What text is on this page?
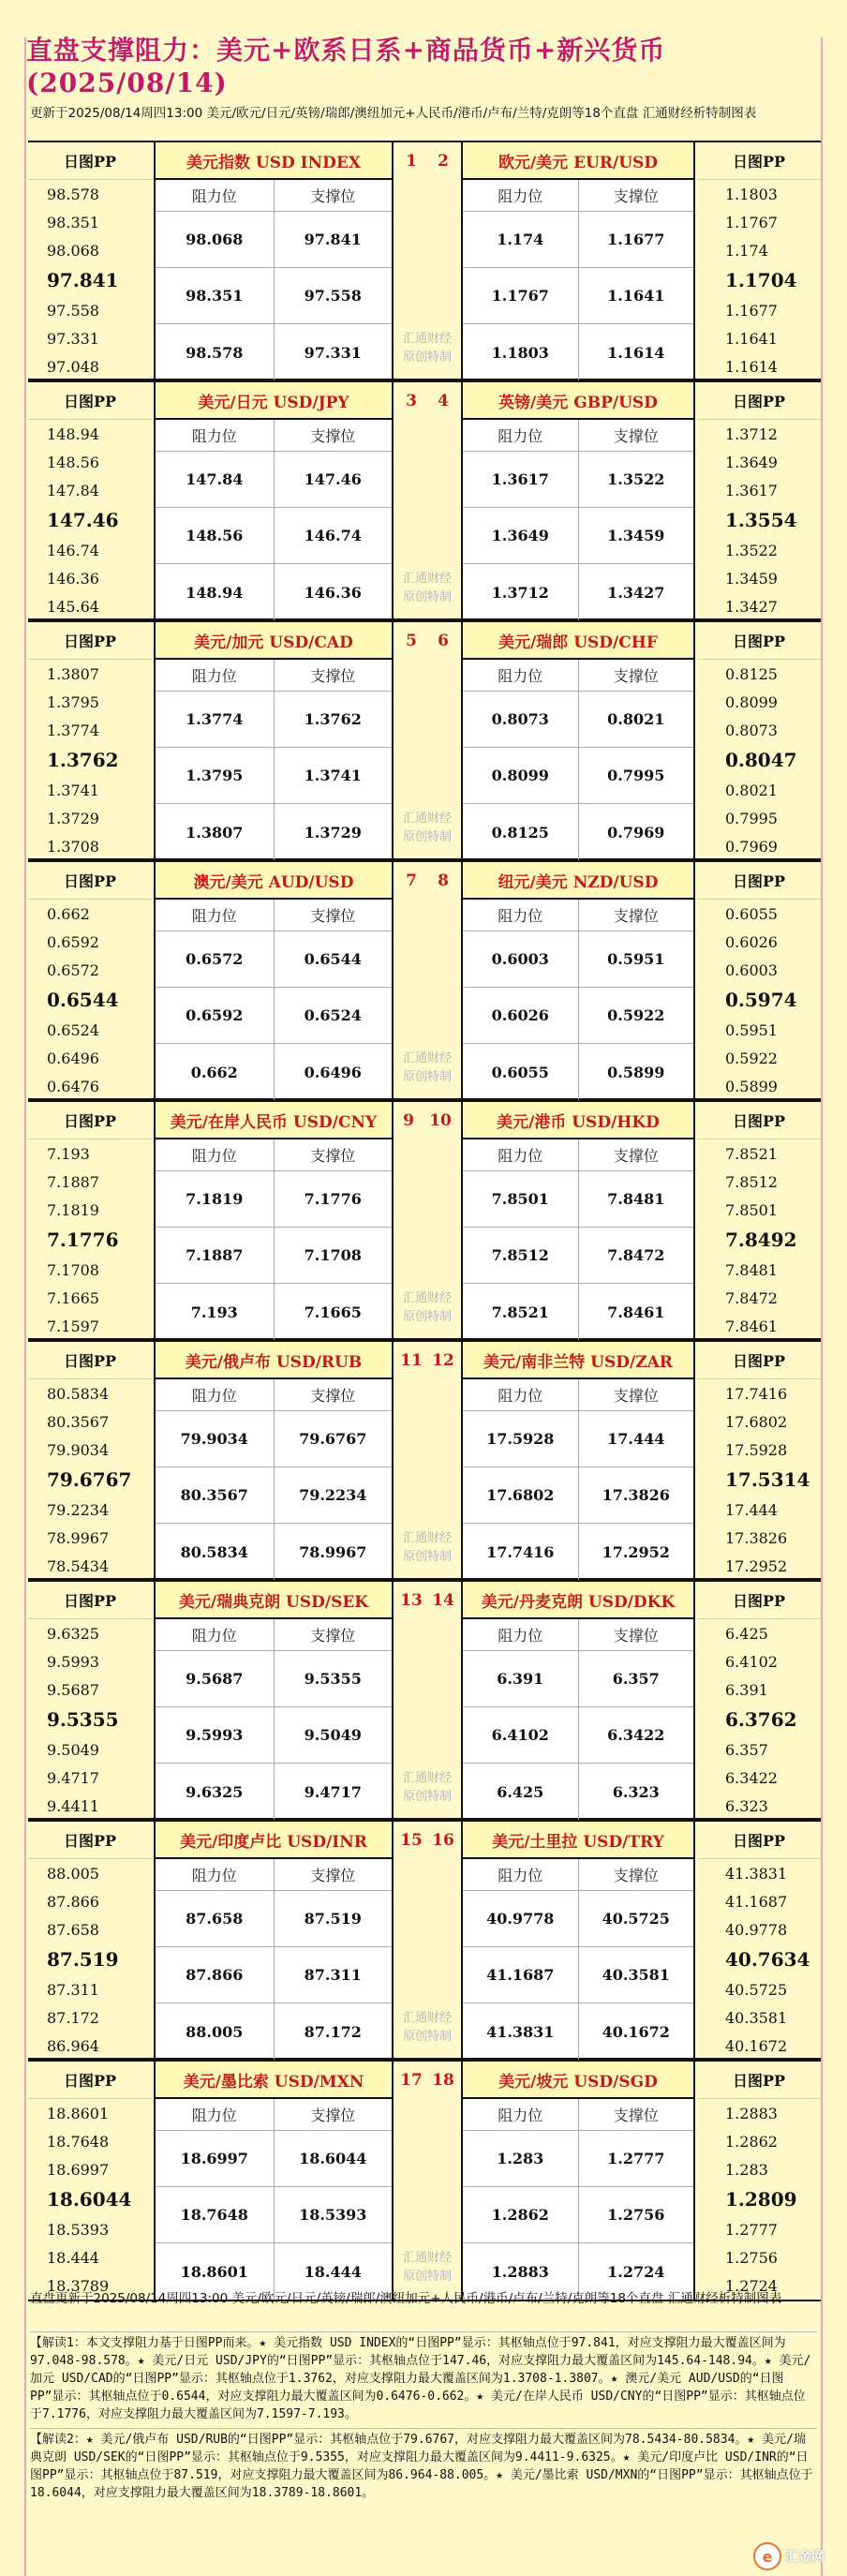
直盘支撑阻力：美元+欧系日系+商品货币+新兴货币(2025/08/14)
更新于2025/08/14周四13:00 美元/欧元/日元/英镑/瑞郎/澳纽加元+人民币/港币/卢布/兰特/克朗等18个直盘 汇通财经析特制图表
日图PP
98.578
98.351
98.068
97.841
97.558
97.331
97.048
美元指数 USD INDEX
阻力位	支撑位
98.068	97.841
98.351	97.558
98.578	97.331
日图PP
1.1803
1.1767
1.174
1.1704
1.1677
1.1641
1.1614
欧元/美元 EUR/USD
阻力位	支撑位
1.174	1.1677
1.1767	1.1641
1.1803	1.1614
1 2
汇通财经原创特制
日图PP
148.94
148.56
147.84
147.46
146.74
146.36
145.64
美元/日元 USD/JPY
阻力位	支撑位
147.84	147.46
148.56	146.74
148.94	146.36
日图PP
1.3712
1.3649
1.3617
1.3554
1.3522
1.3459
1.3427
英镑/美元 GBP/USD
阻力位	支撑位
1.3617	1.3522
1.3649	1.3459
1.3712	1.3427
3 4
汇通财经原创特制
日图PP
1.3807
1.3795
1.3774
1.3762
1.3741
1.3729
1.3708
美元/加元 USD/CAD
阻力位	支撑位
1.3774	1.3762
1.3795	1.3741
1.3807	1.3729
日图PP
0.8125
0.8099
0.8073
0.8047
0.8021
0.7995
0.7969
美元/瑞郎 USD/CHF
阻力位	支撑位
0.8073	0.8021
0.8099	0.7995
0.8125	0.7969
5 6
汇通财经原创特制
日图PP
0.662
0.6592
0.6572
0.6544
0.6524
0.6496
0.6476
澳元/美元 AUD/USD
阻力位	支撑位
0.6572	0.6544
0.6592	0.6524
0.662	0.6496
日图PP
0.6055
0.6026
0.6003
0.5974
0.5951
0.5922
0.5899
纽元/美元 NZD/USD
阻力位	支撑位
0.6003	0.5951
0.6026	0.5922
0.6055	0.5899
7 8
汇通财经原创特制
日图PP
7.193
7.1887
7.1819
7.1776
7.1708
7.1665
7.1597
美元/在岸人民币 USD/CNY
阻力位	支撑位
7.1819	7.1776
7.1887	7.1708
7.193	7.1665
日图PP
7.8521
7.8512
7.8501
7.8492
7.8481
7.8472
7.8461
美元/港币 USD/HKD
阻力位	支撑位
7.8501	7.8481
7.8512	7.8472
7.8521	7.8461
9 10
汇通财经原创特制
日图PP
80.5834
80.3567
79.9034
79.6767
79.2234
78.9967
78.5434
美元/俄卢布 USD/RUB
阻力位	支撑位
79.9034	79.6767
80.3567	79.2234
80.5834	78.9967
日图PP
17.7416
17.6802
17.5928
17.5314
17.444
17.3826
17.2952
美元/南非兰特 USD/ZAR
阻力位	支撑位
17.5928	17.444
17.6802	17.3826
17.7416	17.2952
11 12
汇通财经原创特制
日图PP
9.6325
9.5993
9.5687
9.5355
9.5049
9.4717
9.4411
美元/瑞典克朗 USD/SEK
阻力位	支撑位
9.5687	9.5355
9.5993	9.5049
9.6325	9.4717
日图PP
6.425
6.4102
6.391
6.3762
6.357
6.3422
6.323
美元/丹麦克朗 USD/DKK
阻力位	支撑位
6.391	6.357
6.4102	6.3422
6.425	6.323
13 14
汇通财经原创特制
日图PP
88.005
87.866
87.658
87.519
87.311
87.172
86.964
美元/印度卢比 USD/INR
阻力位	支撑位
87.658	87.519
87.866	87.311
88.005	87.172
日图PP
41.3831
41.1687
40.9778
40.7634
40.5725
40.3581
40.1672
美元/土里拉 USD/TRY
阻力位	支撑位
40.9778	40.5725
41.1687	40.3581
41.3831	40.1672
15 16
汇通财经原创特制
日图PP
18.8601
18.7648
18.6997
18.6044
18.5393
18.444
18.3789
美元/墨比索 USD/MXN
阻力位	支撑位
18.6997	18.6044
18.7648	18.5393
18.8601	18.444
日图PP
1.2883
1.2862
1.283
1.2809
1.2777
1.2756
1.2724
美元/坡元 USD/SGD
阻力位	支撑位
1.283	1.2777
1.2862	1.2756
1.2883	1.2724
17 18
汇通财经原创特制
直盘更新于2025/08/14周四13:00 美元/欧元/日元/英镑/瑞郎/澳纽加元+人民币/港币/卢布/兰特/克朗等18个直盘 汇通财经析特制图表
【解读1：本文支撑阻力基于日图PP而来。★ 美元指数 USD INDEX的“日图PP”显示：其枢轴点位于97.841，对应支撑阻力最大覆盖区间为97.048-98.578。★ 美元/日元 USD/JPY的“日图PP”显示：其枢轴点位于147.46，对应支撑阻力最大覆盖区间为145.64-148.94。★ 美元/加元 USD/CAD的“日图PP”显示：其枢轴点位于1.3762，对应支撑阻力最大覆盖区间为1.3708-1.3807。★ 澳元/美元 AUD/USD的“日图PP”显示：其枢轴点位于0.6544，对应支撑阻力最大覆盖区间为0.6476-0.662。★ 美元/在岸人民币 USD/CNY的“日图PP”显示：其枢轴点位于7.1776，对应支撑阻力最大覆盖区间为7.1597-7.193。
【解读2：★ 美元/俄卢布 USD/RUB的“日图PP”显示：其枢轴点位于79.6767，对应支撑阻力最大覆盖区间为78.5434-80.5834。★ 美元/瑞典克朗 USD/SEK的“日图PP”显示：其枢轴点位于9.5355，对应支撑阻力最大覆盖区间为9.4411-9.6325。★ 美元/印度卢比 USD/INR的“日图PP”显示：其枢轴点位于87.519，对应支撑阻力最大覆盖区间为86.964-88.005。★ 美元/墨比索 USD/MXN的“日图PP”显示：其枢轴点位于18.6044，对应支撑阻力最大覆盖区间为18.3789-18.8601。
e 汇金网
